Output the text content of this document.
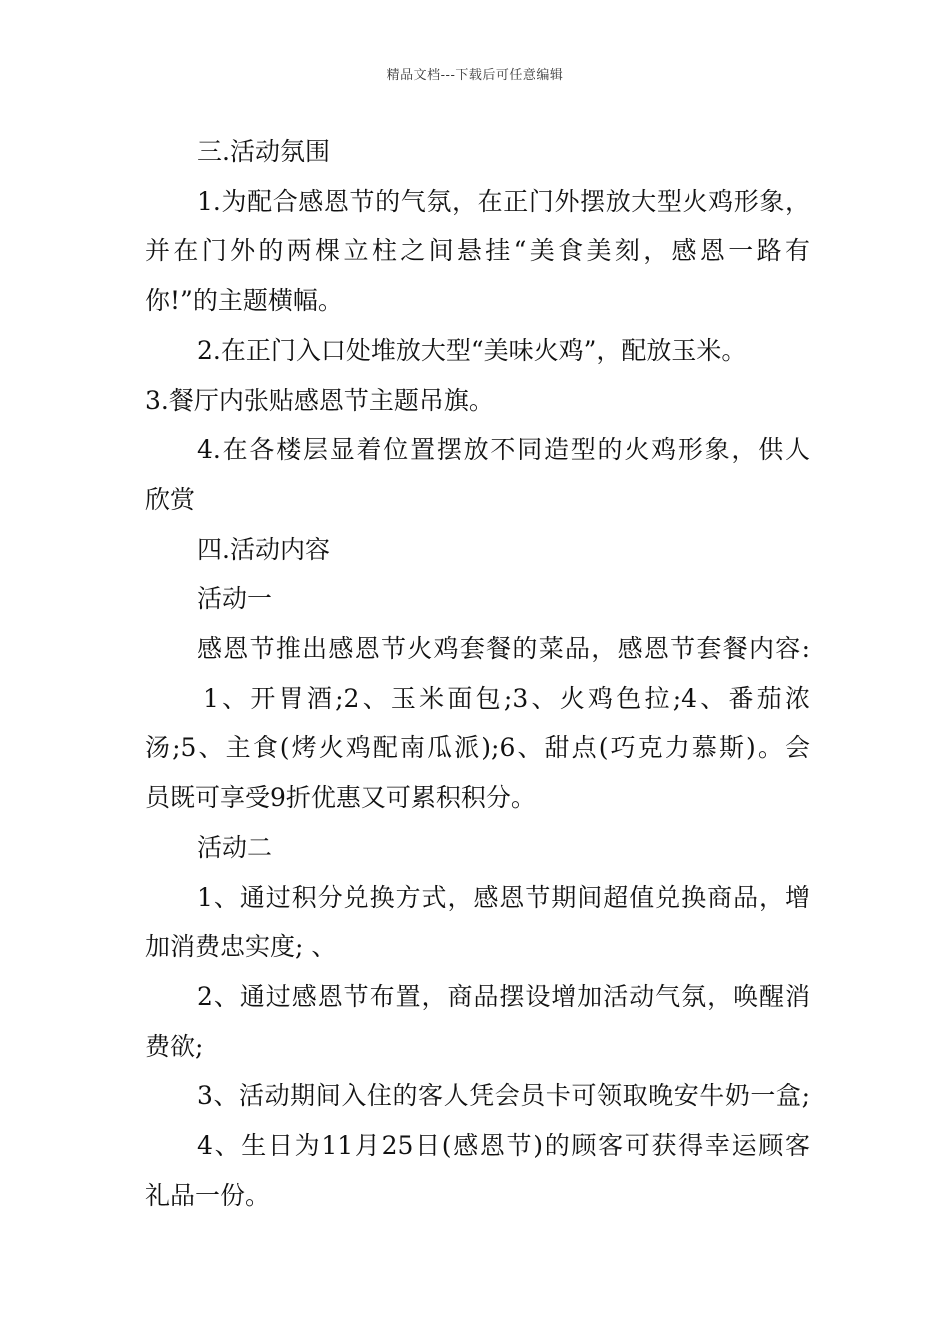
精品文档---下载后可任意编辑

三.活动氛围

1.为配合感恩节的气氛，在正门外摆放大型火鸡形象，

并在门外的两棵立柱之间悬挂“美食美刻，感恩一路有

你!”的主题横幅。

2.在正门入口处堆放大型“美味火鸡”，配放玉米。

3.餐厅内张贴感恩节主题吊旗。

4.在各楼层显着位置摆放不同造型的火鸡形象，供人

欣赏

四.活动内容

活动一

感恩节推出感恩节火鸡套餐的菜品，感恩节套餐内容:

1、开胃酒;2、玉米面包;3、火鸡色拉;4、番茄浓

汤;5、主食(烤火鸡配南瓜派);6、甜点(巧克力慕斯)。会

员既可享受9折优惠又可累积积分。

活动二

1、通过积分兑换方式，感恩节期间超值兑换商品，增

加消费忠实度; 、

2、通过感恩节布置，商品摆设增加活动气氛，唤醒消

费欲;

3、活动期间入住的客人凭会员卡可领取晚安牛奶一盒;

4、生日为11月25日(感恩节)的顾客可获得幸运顾客

礼品一份。
